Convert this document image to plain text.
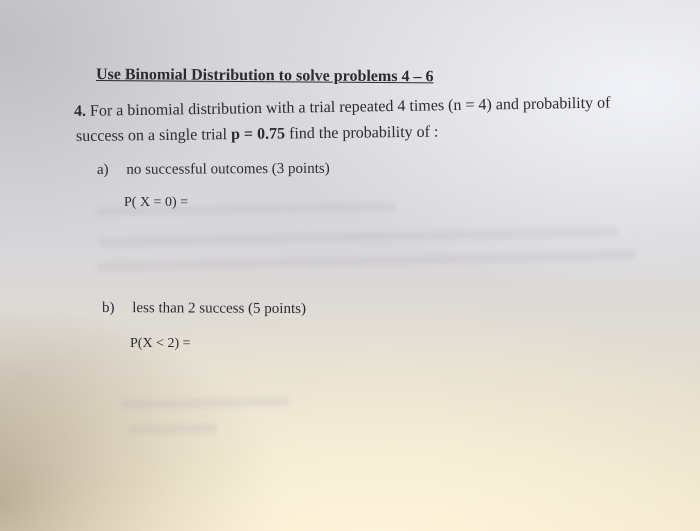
Use Binomial Distribution to solve problems 4 – 6
4. For a binomial distribution with a trial repeated 4 times (n = 4) and probability of
success on a single trial p = 0.75 find the probability of :
a) no successful outcomes (3 points)
P( X = 0) =
b) less than 2 success (5 points)
P(X < 2) =
